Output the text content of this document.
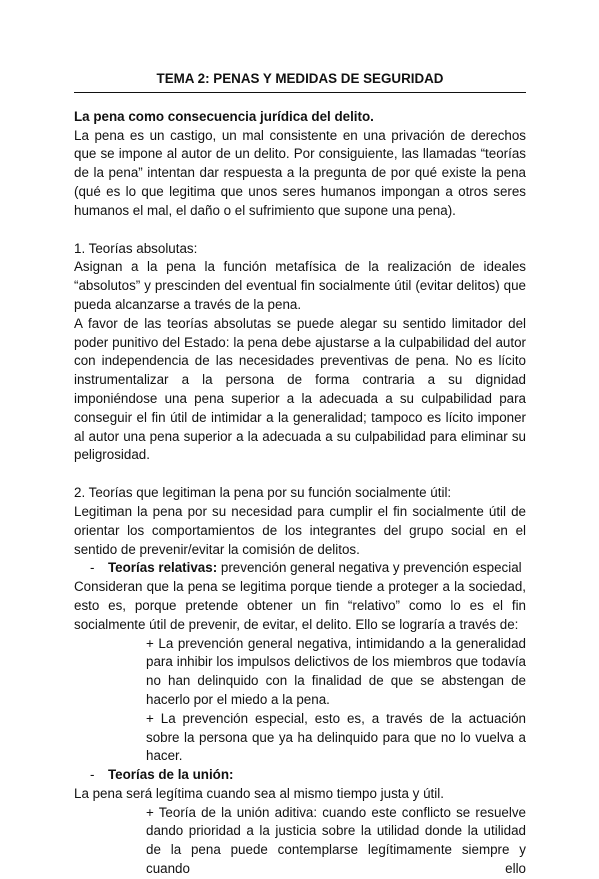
TEMA 2: PENAS Y MEDIDAS DE SEGURIDAD

La pena como consecuencia jurídica del delito.

La pena es un castigo, un mal consistente en una privación de derechos que se impone al autor de un delito. Por consiguiente, las llamadas “teorías de la pena” intentan dar respuesta a la pregunta de por qué existe la pena (qué es lo que legitima que unos seres humanos impongan a otros seres humanos el mal, el daño o el sufrimiento que supone una pena).

1. Teorías absolutas:

Asignan a la pena la función metafísica de la realización de ideales “absolutos” y prescinden del eventual fin socialmente útil (evitar delitos) que pueda alcanzarse a través de la pena.

A favor de las teorías absolutas se puede alegar su sentido limitador del poder punitivo del Estado: la pena debe ajustarse a la culpabilidad del autor con independencia de las necesidades preventivas de pena. No es lícito instrumentalizar a la persona de forma contraria a su dignidad imponiéndose una pena superior a la adecuada a su culpabilidad para conseguir el fin útil de intimidar a la generalidad; tampoco es lícito imponer al autor una pena superior a la adecuada a su culpabilidad para eliminar su peligrosidad.

2. Teorías que legitiman la pena por su función socialmente útil:

Legitiman la pena por su necesidad para cumplir el fin socialmente útil de orientar los comportamientos de los integrantes del grupo social en el sentido de prevenir/evitar la comisión de delitos.

- Teorías relativas: prevención general negativa y prevención especial

Consideran que la pena se legitima porque tiende a proteger a la sociedad, esto es, porque pretende obtener un fin “relativo” como lo es el fin socialmente útil de prevenir, de evitar, el delito. Ello se lograría a través de:

+ La prevención general negativa, intimidando a la generalidad para inhibir los impulsos delictivos de los miembros que todavía no han delinquido con la finalidad de que se abstengan de hacerlo por el miedo a la pena.

+ La prevención especial, esto es, a través de la actuación sobre la persona que ya ha delinquido para que no lo vuelva a hacer.

- Teorías de la unión:

La pena será legítima cuando sea al mismo tiempo justa y útil.

+ Teoría de la unión aditiva: cuando este conflicto se resuelve dando prioridad a la justicia sobre la utilidad donde la utilidad de la pena puede contemplarse legítimamente siempre y cuando ello
